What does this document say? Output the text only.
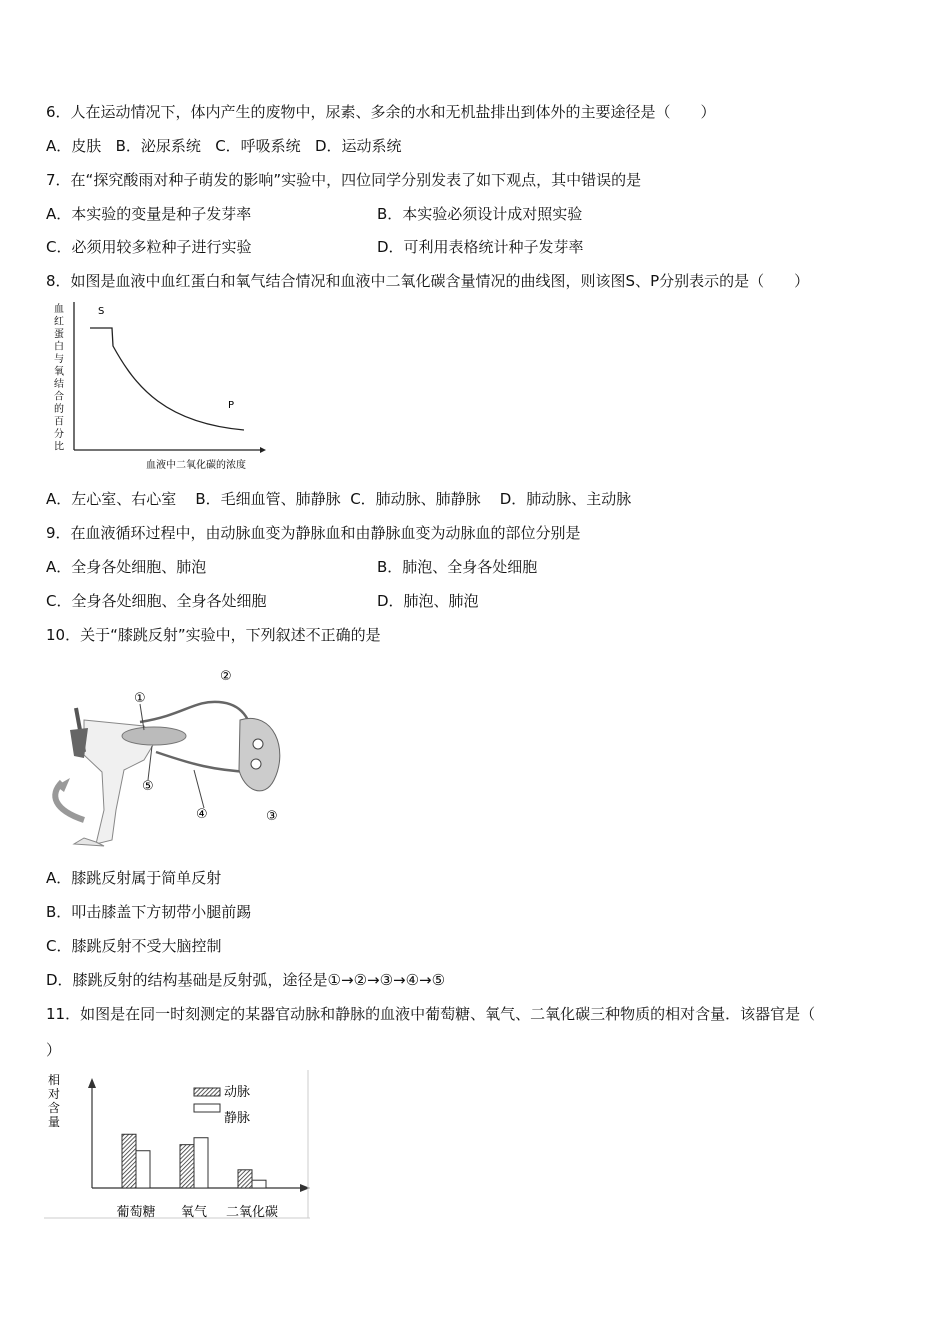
6．人在运动情况下，体内产生的废物中，尿素、多余的水和无机盐排出到体外的主要途径是（　　）
A．皮肤 B．泌尿系统 C．呼吸系统 D．运动系统
7．在“探究酸雨对种子萌发的影响”实验中，四位同学分别发表了如下观点，其中错误的是
A．本实验的变量是种子发芽率	B．本实验必须设计成对照实验
C．必须用较多粒种子进行实验	D．可利用表格统计种子发芽率
8．如图是血液中血红蛋白和氧气结合情况和血液中二氧化碳含量情况的曲线图，则该图S、P分别表示的是（　　）
血红蛋白与氧结合的百分比
S
P
血液中二氧化碳的浓度
A．左心室、右心室 B．毛细血管、肺静脉 C．肺动脉、肺静脉 D．肺动脉、主动脉
9．在血液循环过程中，由动脉血变为静脉血和由静脉血变为动脉血的部位分别是
A．全身各处细胞、肺泡	B．肺泡、全身各处细胞
C．全身各处细胞、全身各处细胞	D．肺泡、肺泡
10．关于“膝跳反射”实验中，下列叙述不正确的是
①
②
③
④
⑤
A．膝跳反射属于简单反射
B．叩击膝盖下方韧带小腿前踢
C．膝跳反射不受大脑控制
D．膝跳反射的结构基础是反射弧，途径是①→②→③→④→⑤
11．如图是在同一时刻测定的某器官动脉和静脉的血液中葡萄糖、氧气、二氧化碳三种物质的相对含量．该器官是（
）
相对含量
葡萄糖 氧气 二氧化碳
动脉
静脉
